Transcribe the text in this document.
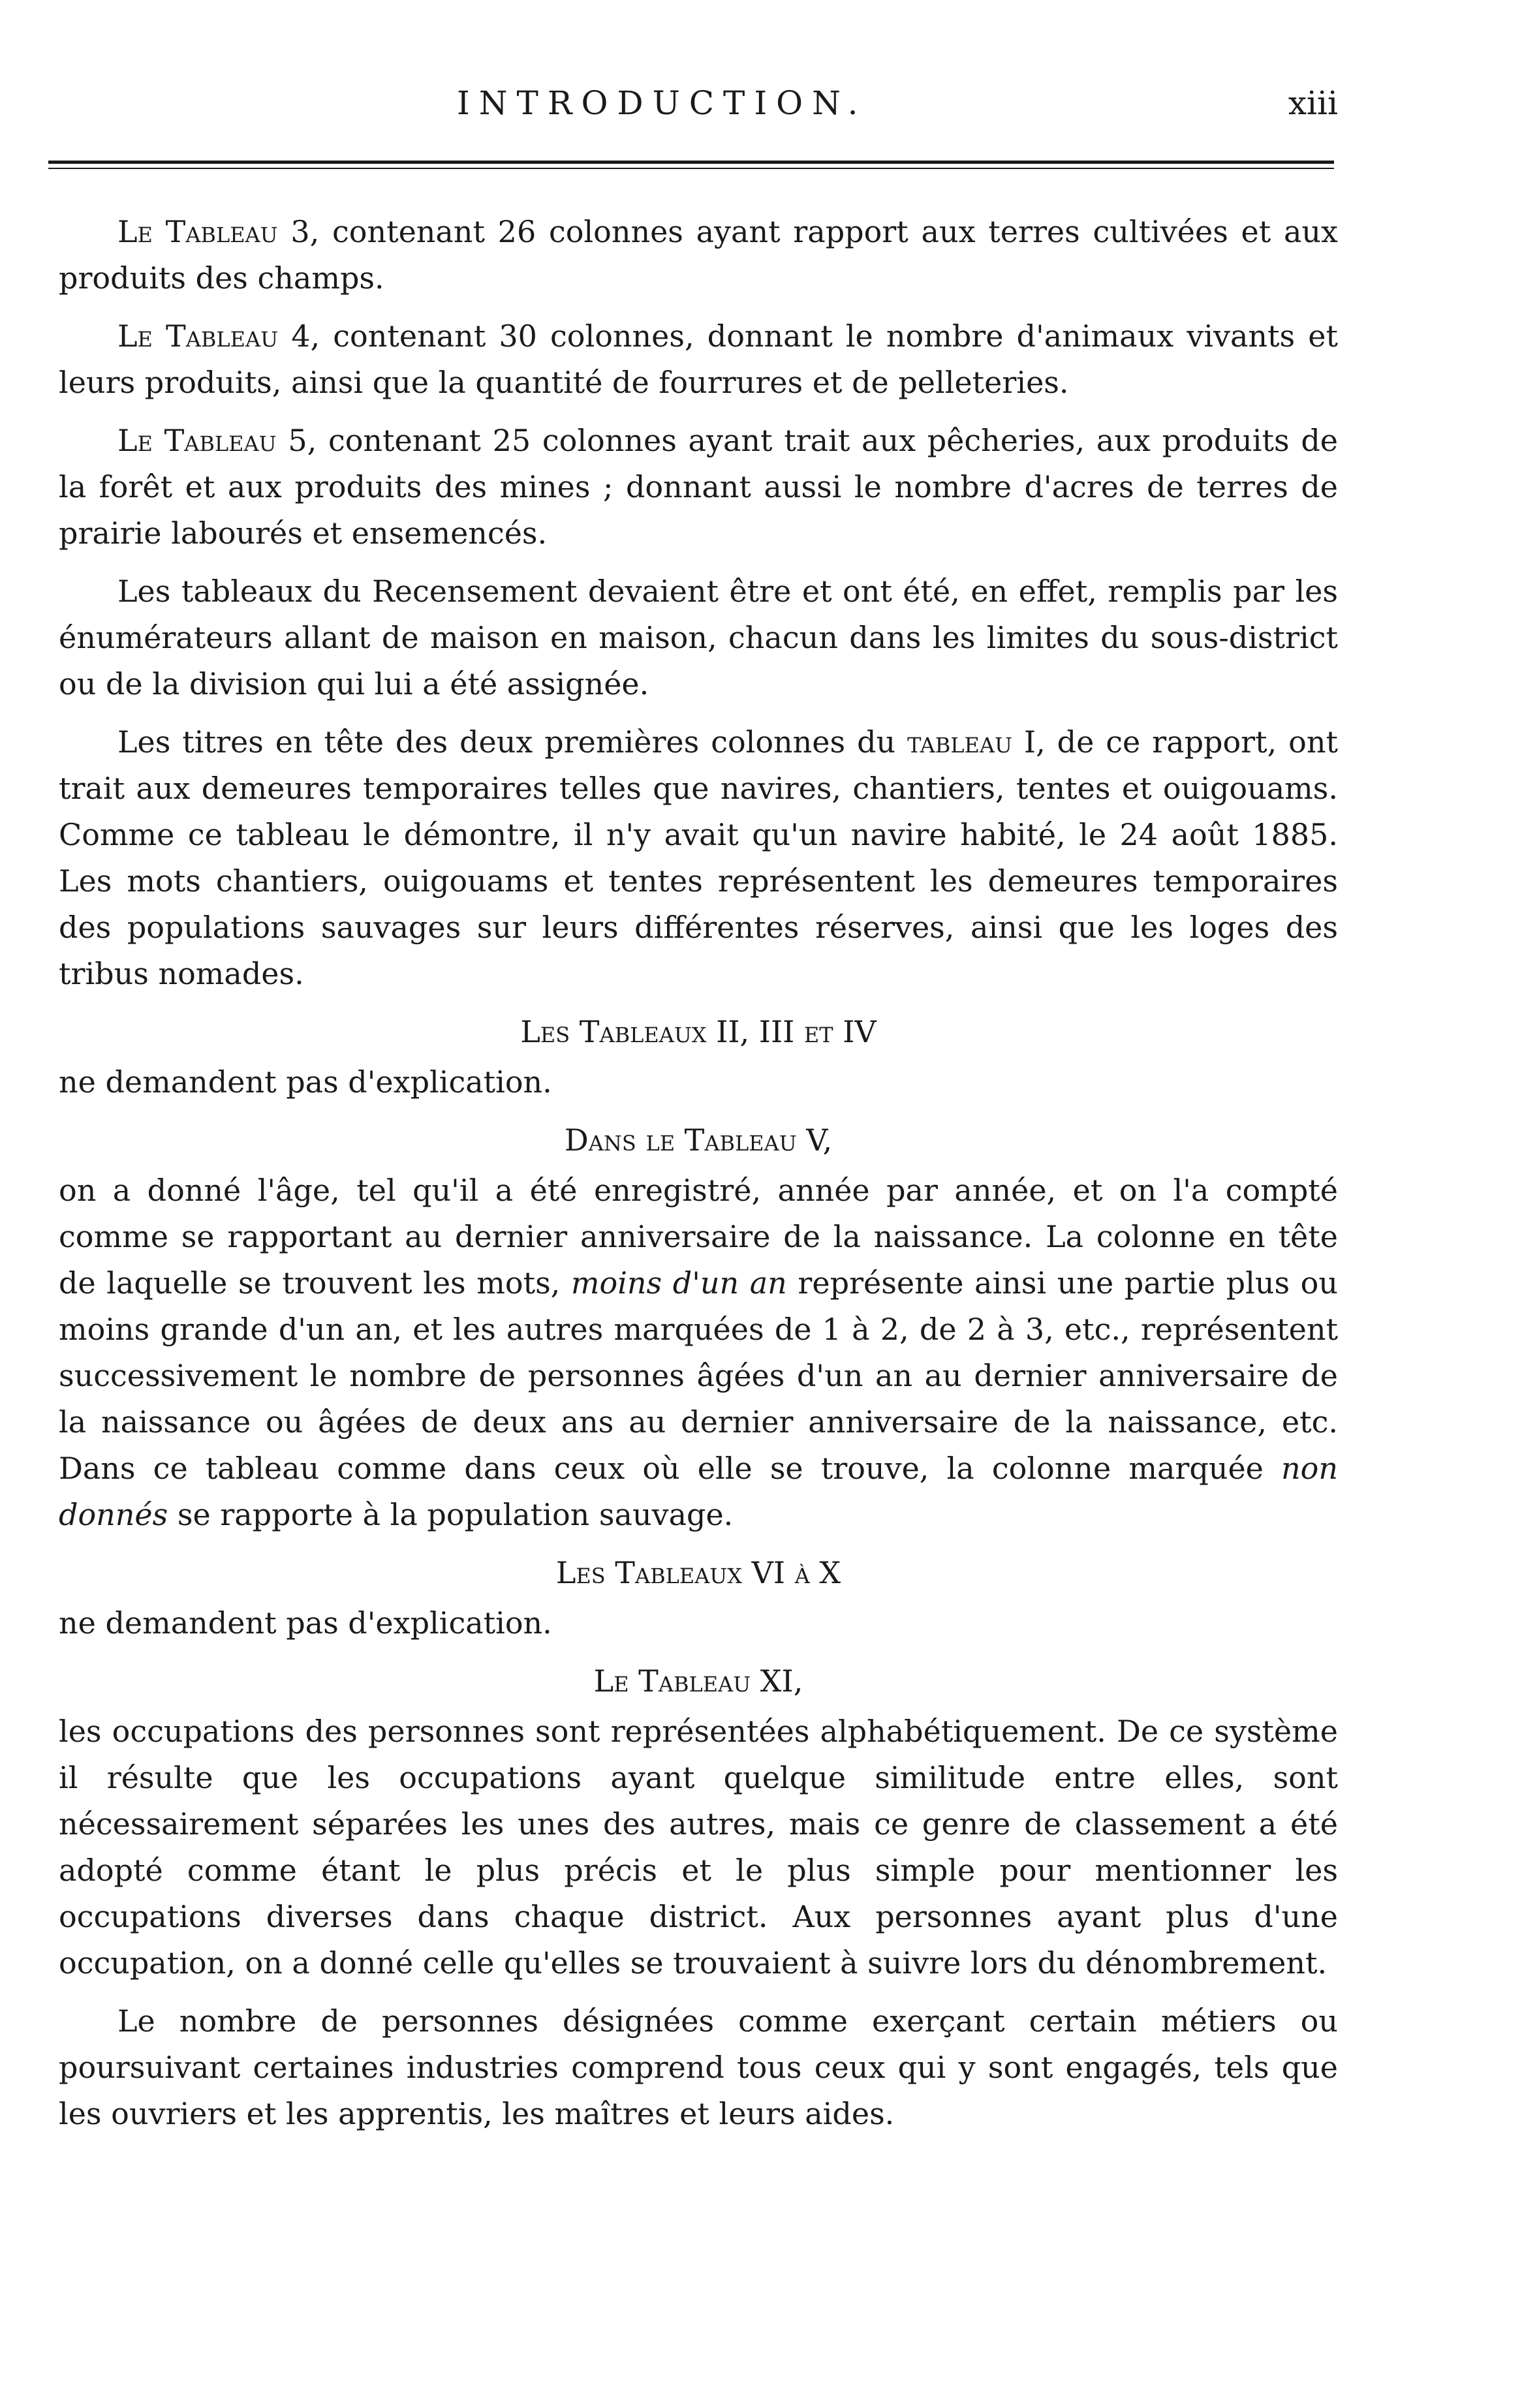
INTRODUCTION.	xiii

Le Tableau 3, contenant 26 colonnes ayant rapport aux terres cultivées et aux produits des champs.

Le Tableau 4, contenant 30 colonnes, donnant le nombre d'animaux vivants et leurs produits, ainsi que la quantité de fourrures et de pelleteries.

Le Tableau 5, contenant 25 colonnes ayant trait aux pêcheries, aux produits de la forêt et aux produits des mines ; donnant aussi le nombre d'acres de terres de prairie labourés et ensemencés.

Les tableaux du Recensement devaient être et ont été, en effet, remplis par les énumérateurs allant de maison en maison, chacun dans les limites du sous-district ou de la division qui lui a été assignée.

Les titres en tête des deux premières colonnes du tableau I, de ce rapport, ont trait aux demeures temporaires telles que navires, chantiers, tentes et ouigouams. Comme ce tableau le démontre, il n'y avait qu'un navire habité, le 24 août 1885. Les mots chantiers, ouigouams et tentes représentent les demeures temporaires des populations sauvages sur leurs différentes réserves, ainsi que les loges des tribus nomades.

Les Tableaux II, III et IV

ne demandent pas d'explication.

Dans le Tableau V,

on a donné l'âge, tel qu'il a été enregistré, année par année, et on l'a compté comme se rapportant au dernier anniversaire de la naissance. La colonne en tête de laquelle se trouvent les mots, moins d'un an représente ainsi une partie plus ou moins grande d'un an, et les autres marquées de 1 à 2, de 2 à 3, etc., représentent successivement le nombre de personnes âgées d'un an au dernier anniversaire de la naissance ou âgées de deux ans au dernier anniversaire de la naissance, etc. Dans ce tableau comme dans ceux où elle se trouve, la colonne marquée non donnés se rapporte à la population sauvage.

Les Tableaux VI à X

ne demandent pas d'explication.

Le Tableau XI,

les occupations des personnes sont représentées alphabétiquement. De ce système il résulte que les occupations ayant quelque similitude entre elles, sont nécessairement séparées les unes des autres, mais ce genre de classement a été adopté comme étant le plus précis et le plus simple pour mentionner les occupations diverses dans chaque district. Aux personnes ayant plus d'une occupation, on a donné celle qu'elles se trouvaient à suivre lors du dénombrement.

Le nombre de personnes désignées comme exerçant certain métiers ou poursuivant certaines industries comprend tous ceux qui y sont engagés, tels que les ouvriers et les apprentis, les maîtres et leurs aides.
